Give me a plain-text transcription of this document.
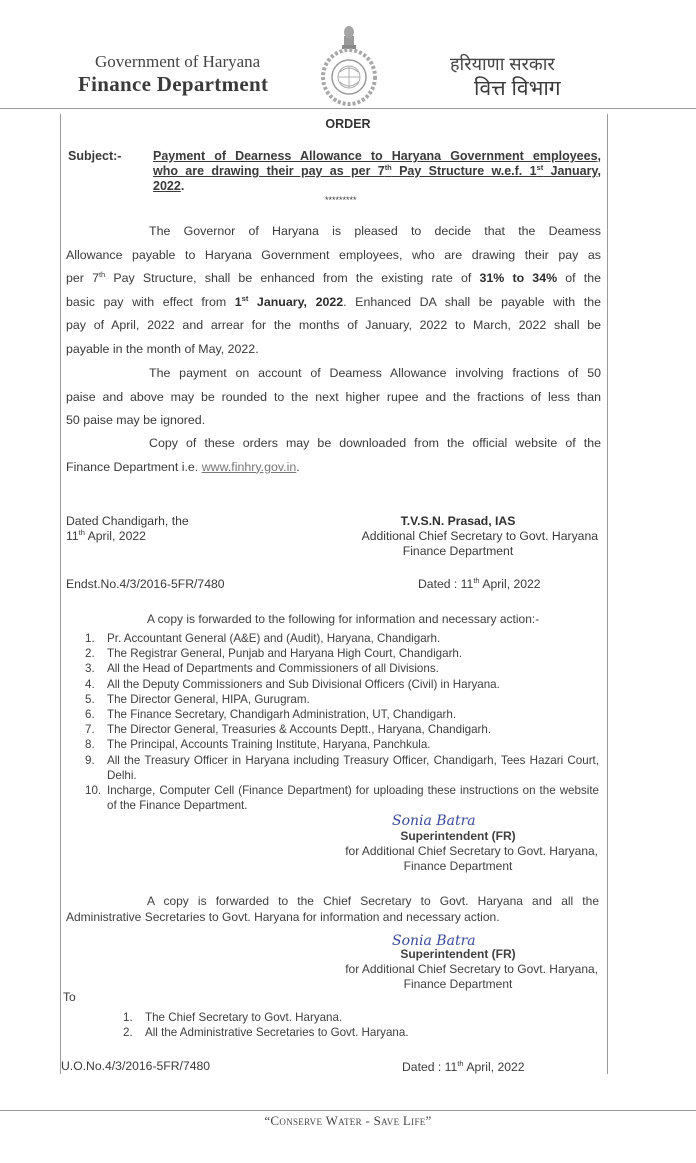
Government of Haryana
Finance Department
हरियाणा सरकार
वित्त विभाग
ORDER
Subject:-	Payment of Dearness Allowance to Haryana Government employees,
who are drawing their pay as per 7th Pay Structure w.e.f. 1st January,
2022.
*********
The Governor of Haryana is pleased to decide that the Deamess
Allowance payable to Haryana Government employees, who are drawing their pay as
per 7th Pay Structure, shall be enhanced from the existing rate of 31% to 34% of the
basic pay with effect from 1st January, 2022. Enhanced DA shall be payable with the
pay of April, 2022 and arrear for the months of January, 2022 to March, 2022 shall be
payable in the month of May, 2022.
The payment on account of Deamess Allowance involving fractions of 50
paise and above may be rounded to the next higher rupee and the fractions of less than
50 paise may be ignored.
Copy of these orders may be downloaded from the official website of the
Finance Department i.e. www.finhry.gov.in.
Dated Chandigarh, the
11th April, 2022
T.V.S.N. Prasad, IAS
Additional Chief Secretary to Govt. Haryana
Finance Department
Endst.No.4/3/2016-5FR/7480	Dated : 11th April, 2022
A copy is forwarded to the following for information and necessary action:-
1.	Pr. Accountant General (A&E) and (Audit), Haryana, Chandigarh.
2.	The Registrar General, Punjab and Haryana High Court, Chandigarh.
3.	All the Head of Departments and Commissioners of all Divisions.
4.	All the Deputy Commissioners and Sub Divisional Officers (Civil) in Haryana.
5.	The Director General, HIPA, Gurugram.
6.	The Finance Secretary, Chandigarh Administration, UT, Chandigarh.
7.	The Director General, Treasuries & Accounts Deptt., Haryana, Chandigarh.
8.	The Principal, Accounts Training Institute, Haryana, Panchkula.
9.	All the Treasury Officer in Haryana including Treasury Officer, Chandigarh, Tees Hazari Court, Delhi.
10. Incharge, Computer Cell (Finance Department) for uploading these instructions on the website of the Finance Department.
Sonia Batra
Superintendent (FR)
for Additional Chief Secretary to Govt. Haryana,
Finance Department
A copy is forwarded to the Chief Secretary to Govt. Haryana and all the
Administrative Secretaries to Govt. Haryana for information and necessary action.
Sonia Batra
Superintendent (FR)
for Additional Chief Secretary to Govt. Haryana,
Finance Department
To
1.	The Chief Secretary to Govt. Haryana.
2.	All the Administrative Secretaries to Govt. Haryana.
U.O.No.4/3/2016-5FR/7480	Dated : 11th April, 2022
“Conserve Water - Save Life”
